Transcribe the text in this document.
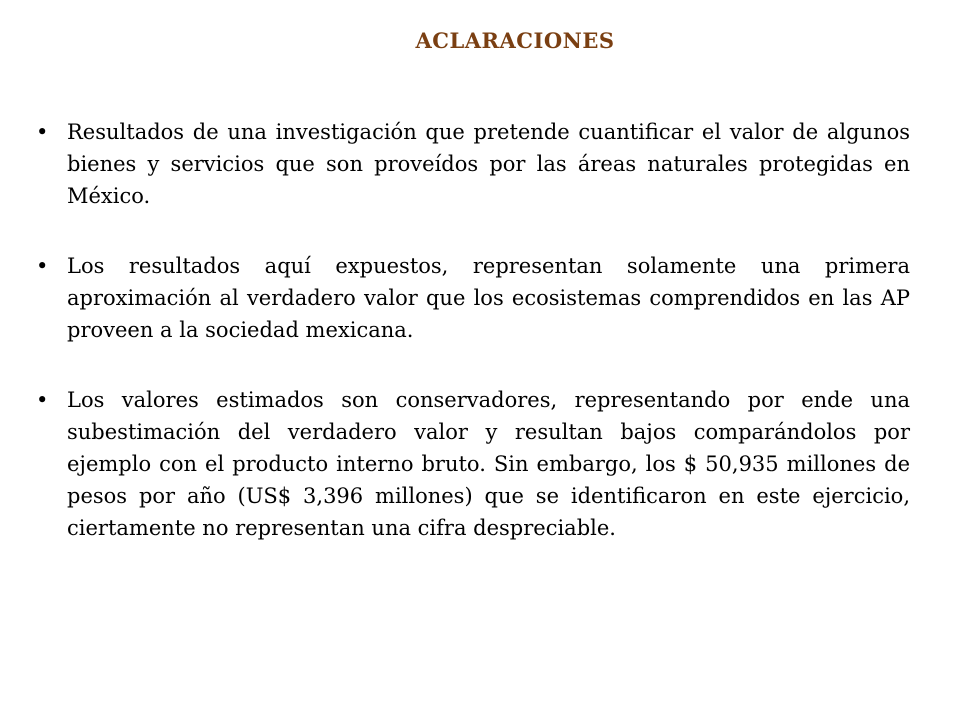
ACLARACIONES
• Resultados de una investigación que pretende cuantificar el valor de algunos bienes y servicios que son proveídos por las áreas naturales protegidas en México.
• Los resultados aquí expuestos, representan solamente una primera aproximación al verdadero valor que los ecosistemas comprendidos en las AP proveen a la sociedad mexicana.
• Los valores estimados son conservadores, representando por ende una subestimación del verdadero valor y resultan bajos comparándolos por ejemplo con el producto interno bruto. Sin embargo, los $ 50,935 millones de pesos por año (US$ 3,396 millones) que se identificaron en este ejercicio, ciertamente no representan una cifra despreciable.
